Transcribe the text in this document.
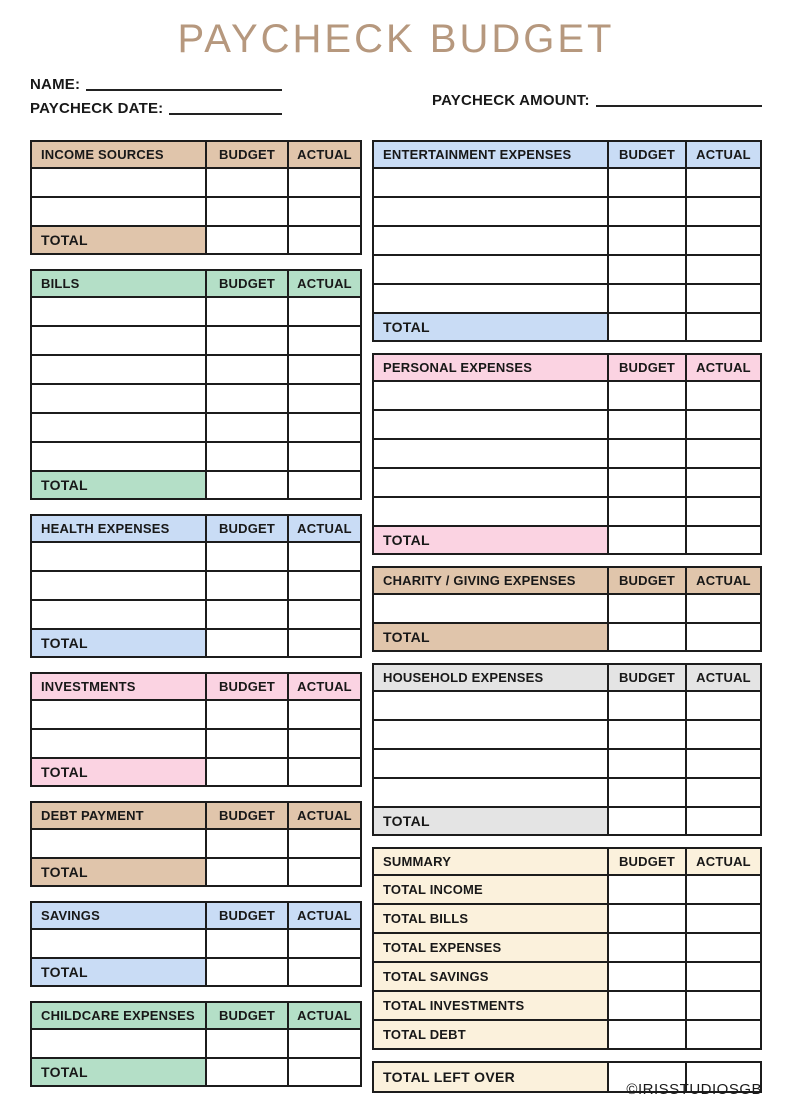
PAYCHECK BUDGET
NAME:
PAYCHECK DATE:	PAYCHECK AMOUNT:
INCOME SOURCES	BUDGET	ACTUAL
TOTAL
BILLS	BUDGET	ACTUAL
TOTAL
HEALTH EXPENSES	BUDGET	ACTUAL
TOTAL
INVESTMENTS	BUDGET	ACTUAL
TOTAL
DEBT PAYMENT	BUDGET	ACTUAL
TOTAL
SAVINGS	BUDGET	ACTUAL
TOTAL
CHILDCARE EXPENSES	BUDGET	ACTUAL
TOTAL
ENTERTAINMENT EXPENSES	BUDGET	ACTUAL
TOTAL
PERSONAL EXPENSES	BUDGET	ACTUAL
TOTAL
CHARITY / GIVING EXPENSES	BUDGET	ACTUAL
TOTAL
HOUSEHOLD EXPENSES	BUDGET	ACTUAL
TOTAL
SUMMARY	BUDGET	ACTUAL
TOTAL INCOME
TOTAL BILLS
TOTAL EXPENSES
TOTAL SAVINGS
TOTAL INVESTMENTS
TOTAL DEBT
TOTAL LEFT OVER
©IRISSTUDIOSGB
